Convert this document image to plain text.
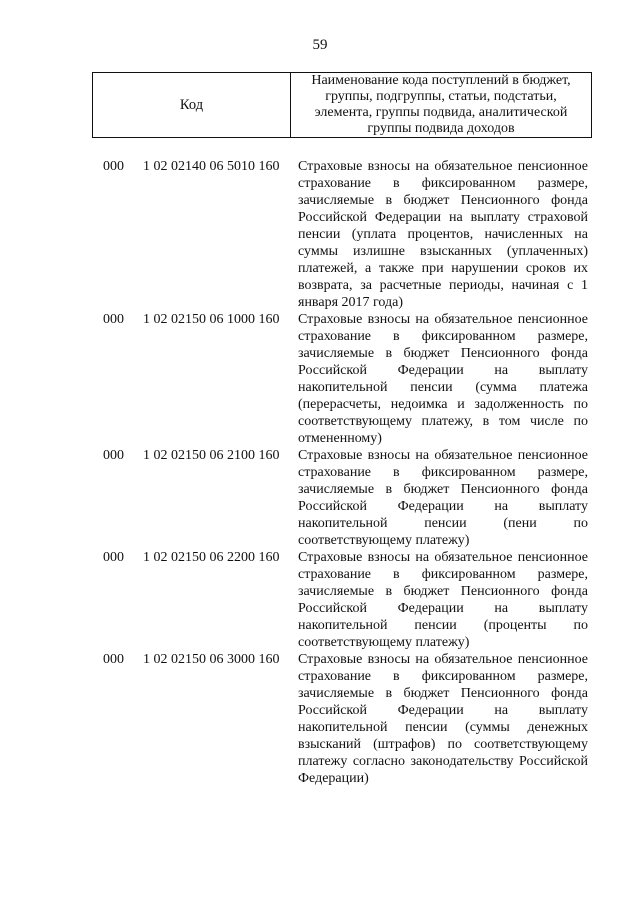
59
Код
Наименование кода поступлений в бюджет, группы, подгруппы, статьи, подстатьи, элемента, группы подвида, аналитической группы подвида доходов
000 1 02 02140 06 5010 160 Страховые взносы на обязательное пенсионное страхование в фиксированном размере, зачисляемые в бюджет Пенсионного фонда Российской Федерации на выплату страховой пенсии (уплата процентов, начисленных на суммы излишне взысканных (уплаченных) платежей, а также при нарушении сроков их возврата, за расчетные периоды, начиная с 1 января 2017 года)
000 1 02 02150 06 1000 160 Страховые взносы на обязательное пенсионное страхование в фиксированном размере, зачисляемые в бюджет Пенсионного фонда Российской Федерации на выплату накопительной пенсии (сумма платежа (перерасчеты, недоимка и задолженность по соответствующему платежу, в том числе по отмененному)
000 1 02 02150 06 2100 160 Страховые взносы на обязательное пенсионное страхование в фиксированном размере, зачисляемые в бюджет Пенсионного фонда Российской Федерации на выплату накопительной пенсии (пени по соответствующему платежу)
000 1 02 02150 06 2200 160 Страховые взносы на обязательное пенсионное страхование в фиксированном размере, зачисляемые в бюджет Пенсионного фонда Российской Федерации на выплату накопительной пенсии (проценты по соответствующему платежу)
000 1 02 02150 06 3000 160 Страховые взносы на обязательное пенсионное страхование в фиксированном размере, зачисляемые в бюджет Пенсионного фонда Российской Федерации на выплату накопительной пенсии (суммы денежных взысканий (штрафов) по соответствующему платежу согласно законодательству Российской Федерации)
